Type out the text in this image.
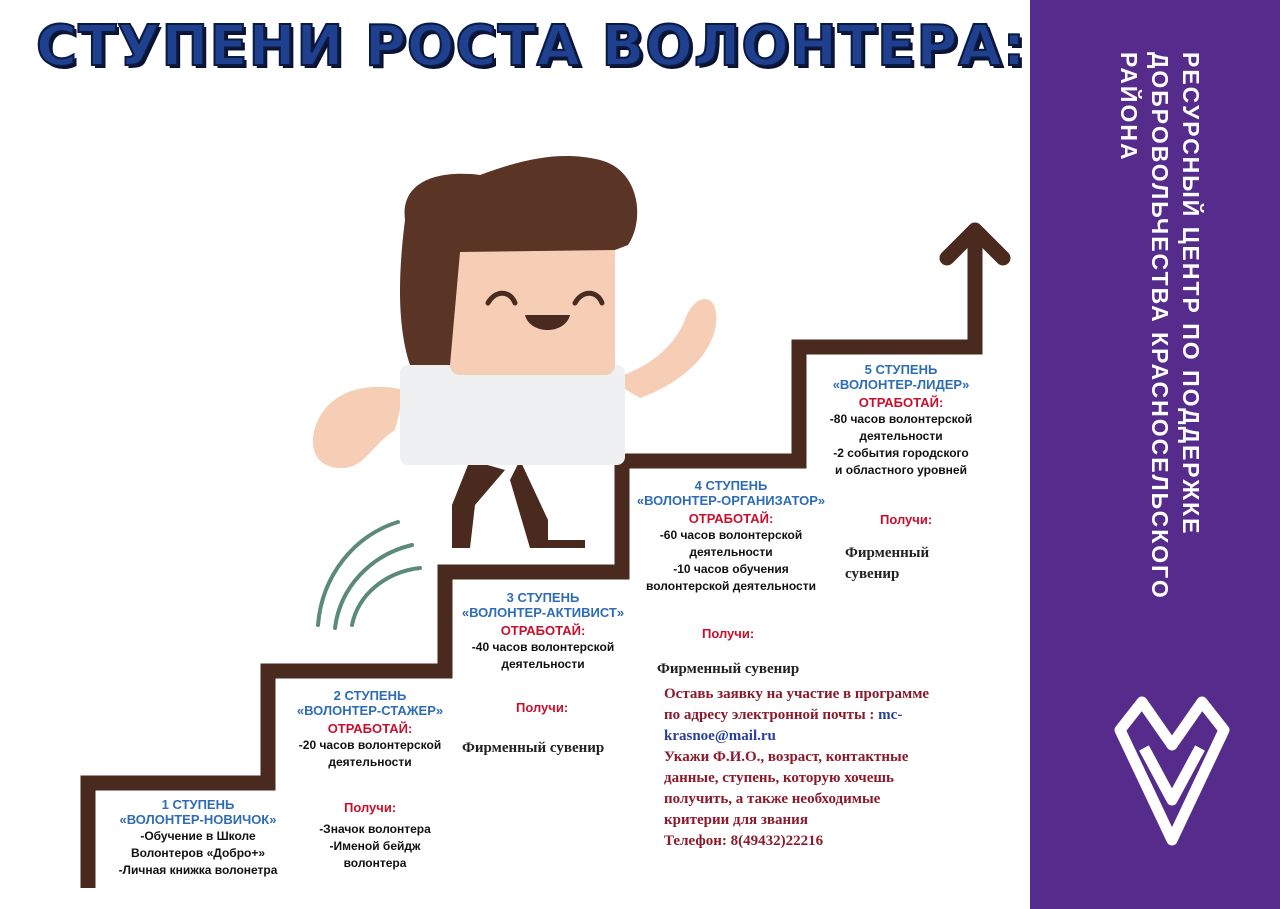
СТУПЕНИ РОСТА ВОЛОНТЕРА:
1 СТУПЕНЬ
«ВОЛОНТЕР-НОВИЧОК»
-Обучение в Школе
Волонтеров «Добро+»
-Личная книжка волонетра
2 СТУПЕНЬ
«ВОЛОНТЕР-СТАЖЕР»
ОТРАБОТАЙ:
-20 часов волонтерской
деятельности
Получи:
-Значок волонтера
-Именой бейдж
волонтера
3 СТУПЕНЬ
«ВОЛОНТЕР-АКТИВИСТ»
ОТРАБОТАЙ:
-40 часов волонтерской
деятельности
Получи:
Фирменный сувенир
4 СТУПЕНЬ
«ВОЛОНТЕР-ОРГАНИЗАТОР»
ОТРАБОТАЙ:
-60 часов волонтерской
деятельности
-10 часов обучения
волонтерской деятельности
Получи:
Фирменный сувенир
5 СТУПЕНЬ
«ВОЛОНТЕР-ЛИДЕР»
ОТРАБОТАЙ:
-80 часов волонтерской
деятельности
-2 события городского
и областного уровней
Получи:
Фирменный
сувенир
Оставь заявку на участие в программе
по адресу электронной почты : mc-
krasnoe@mail.ru
Укажи Ф.И.О., возраст, контактные
данные, ступень, которую хочешь
получить, а также необходимые
критерии для звания
Телефон: 8(49432)22216
РЕСУРСНЫЙ ЦЕНТР ПО ПОДДЕРЖКЕ
ДОБРОВОЛЬЧЕСТВА КРАСНОСЕЛЬСКОГО
РАЙОНА
